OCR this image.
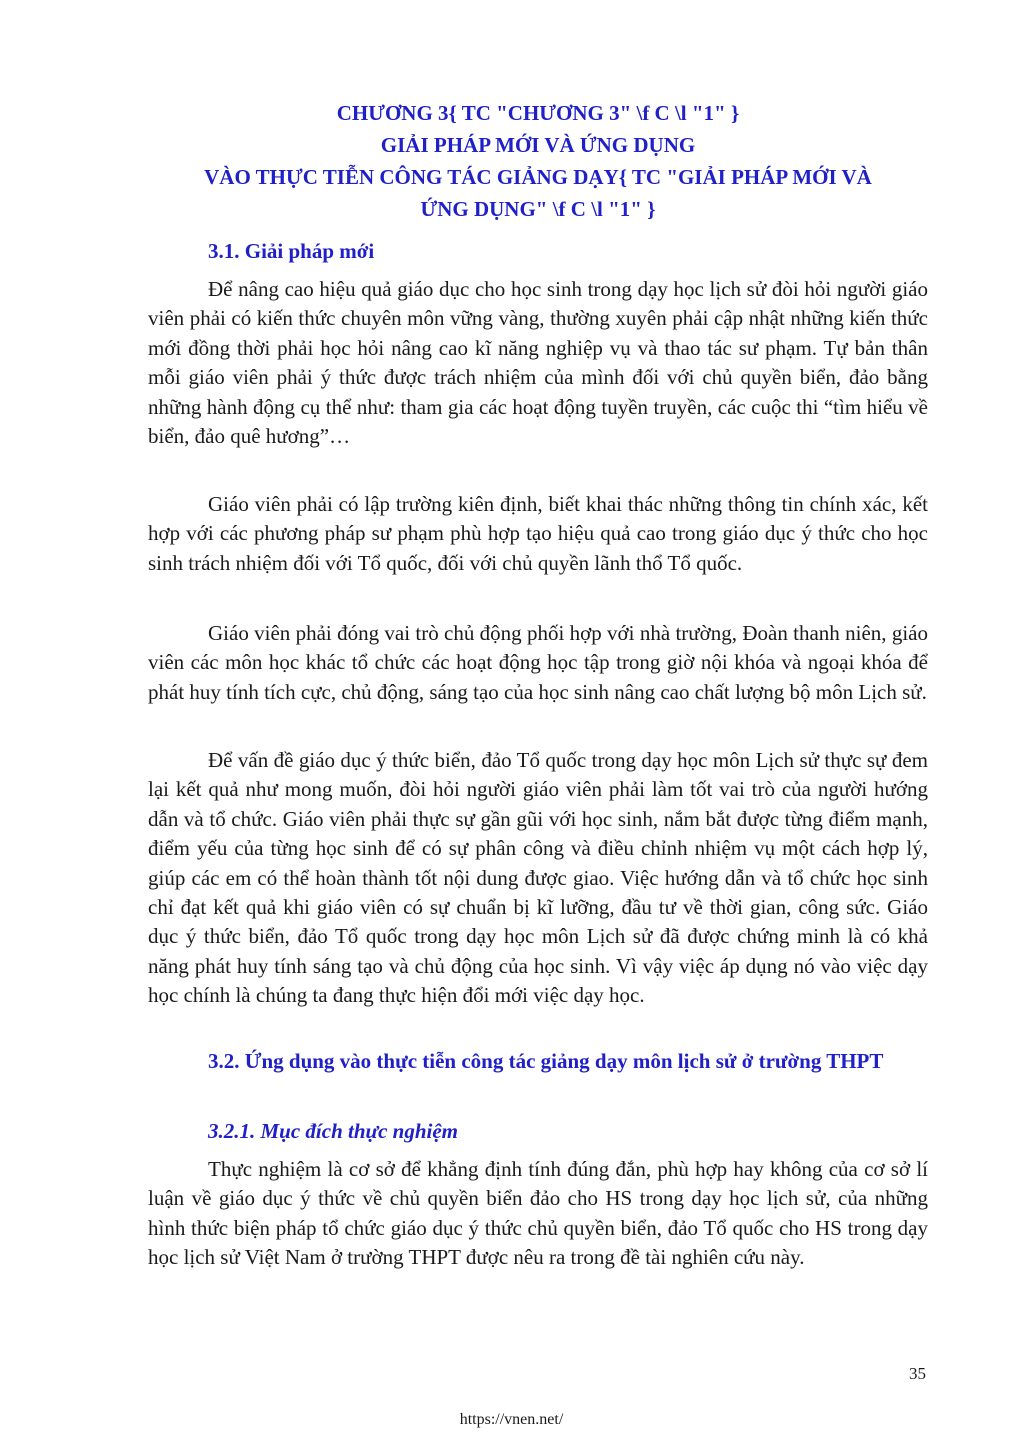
CHƯƠNG 3{ TC "CHƯƠNG 3" \f C \l "1" }
GIẢI PHÁP MỚI VÀ ỨNG DỤNG
VÀO THỰC TIỄN CÔNG TÁC GIẢNG DẠY{ TC "GIẢI PHÁP MỚI VÀ
ỨNG DỤNG" \f C \l "1" }
3.1. Giải pháp mới

Để nâng cao hiệu quả giáo dục cho học sinh trong dạy học lịch sử đòi hỏi người giáo viên phải có kiến thức chuyên môn vững vàng, thường xuyên phải cập nhật những kiến thức mới đồng thời phải học hỏi nâng cao kĩ năng nghiệp vụ và thao tác sư phạm. Tự bản thân mỗi giáo viên phải ý thức được trách nhiệm của mình đối với chủ quyền biển, đảo bằng những hành động cụ thể như: tham gia các hoạt động tuyền truyền, các cuộc thi “tìm hiểu về biển, đảo quê hương”…

Giáo viên phải có lập trường kiên định, biết khai thác những thông tin chính xác, kết hợp với các phương pháp sư phạm phù hợp tạo hiệu quả cao trong giáo dục ý thức cho học sinh trách nhiệm đối với Tổ quốc, đối với chủ quyền lãnh thổ Tổ quốc.

Giáo viên phải đóng vai trò chủ động phối hợp với nhà trường, Đoàn thanh niên, giáo viên các môn học khác tổ chức các hoạt động học tập trong giờ nội khóa và ngoại khóa để phát huy tính tích cực, chủ động, sáng tạo của học sinh nâng cao chất lượng bộ môn Lịch sử.

Để vấn đề giáo dục ý thức biển, đảo Tổ quốc trong dạy học môn Lịch sử thực sự đem lại kết quả như mong muốn, đòi hỏi người giáo viên phải làm tốt vai trò của người hướng dẫn và tổ chức. Giáo viên phải thực sự gần gũi với học sinh, nắm bắt được từng điểm mạnh, điểm yếu của từng học sinh để có sự phân công và điều chỉnh nhiệm vụ một cách hợp lý, giúp các em có thể hoàn thành tốt nội dung được giao. Việc hướng dẫn và tổ chức học sinh chỉ đạt kết quả khi giáo viên có sự chuẩn bị kĩ lưỡng, đầu tư về thời gian, công sức. Giáo dục ý thức biển, đảo Tổ quốc trong dạy học môn Lịch sử đã được chứng minh là có khả năng phát huy tính sáng tạo và chủ động của học sinh. Vì vậy việc áp dụng nó vào việc dạy học chính là chúng ta đang thực hiện đổi mới việc dạy học.

3.2. Ứng dụng vào thực tiễn công tác giảng dạy môn lịch sử ở trường THPT
3.2.1. Mục đích thực nghiệm

Thực nghiệm là cơ sở để khẳng định tính đúng đắn, phù hợp hay không của cơ sở lí luận về giáo dục ý thức về chủ quyền biển đảo cho HS trong dạy học lịch sử, của những hình thức biện pháp tổ chức giáo dục ý thức chủ quyền biển, đảo Tổ quốc cho HS trong dạy học lịch sử Việt Nam ở trường THPT được nêu ra trong đề tài nghiên cứu này.

35
https://vnen.net/
